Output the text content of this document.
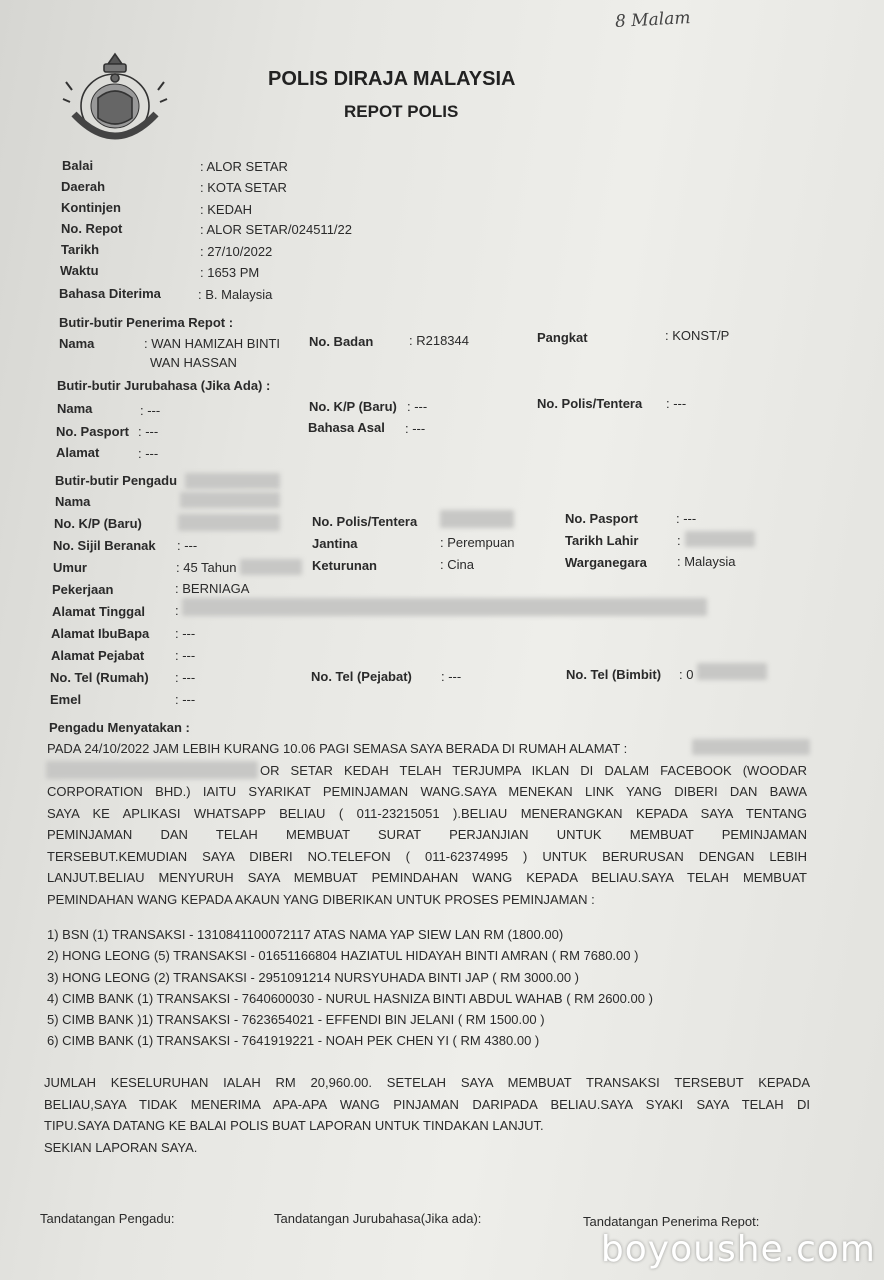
8 Malam
POLIS DIRAJA MALAYSIA
REPOT POLIS
Balai	: ALOR SETAR
Daerah	: KOTA SETAR
Kontinjen	: KEDAH
No. Repot	: ALOR SETAR/024511/22
Tarikh	: 27/10/2022
Waktu	: 1653 PM
Bahasa Diterima	: B. Malaysia
Butir-butir Penerima Repot :
Nama	: WAN HAMIZAH BINTI
WAN HASSAN
No. Badan	: R218344	Pangkat	: KONST/P
Butir-butir Jurubahasa (Jika Ada) :
Nama	: ---	No. K/P (Baru) : ---	No. Polis/Tentera : ---
No. Pasport : ---	Bahasa Asal : ---
Alamat	: ---
Butir-butir Pengadu
Nama
No. K/P (Baru)	No. Polis/Tentera	No. Pasport	: ---
No. Sijil Beranak : ---	Jantina	: Perempuan	Tarikh Lahir	:
Umur	: 45 Tahun	Keturunan	: Cina	Warganegara : Malaysia
Pekerjaan	: BERNIAGA
Alamat Tinggal :
Alamat IbuBapa : ---
Alamat Pejabat : ---
No. Tel (Rumah) : ---	No. Tel (Pejabat) : ---	No. Tel (Bimbit) : 0
Emel	: ---
Pengadu Menyatakan :
PADA 24/10/2022 JAM LEBIH KURANG 10.06 PAGI SEMASA SAYA BERADA DI RUMAH ALAMAT :
OR SETAR KEDAH TELAH TERJUMPA IKLAN DI DALAM FACEBOOK (WOODAR
CORPORATION BHD.) IAITU SYARIKAT PEMINJAMAN WANG.SAYA MENEKAN LINK YANG DIBERI DAN BAWA
SAYA KE APLIKASI WHATSAPP BELIAU ( 011-23215051 ).BELIAU MENERANGKAN KEPADA SAYA TENTANG
PEMINJAMAN DAN TELAH MEMBUAT SURAT PERJANJIAN UNTUK MEMBUAT PEMINJAMAN
TERSEBUT.KEMUDIAN SAYA DIBERI NO.TELEFON ( 011-62374995 ) UNTUK BERURUSAN DENGAN LEBIH
LANJUT.BELIAU MENYURUH SAYA MEMBUAT PEMINDAHAN WANG KEPADA BELIAU.SAYA TELAH MEMBUAT
PEMINDAHAN WANG KEPADA AKAUN YANG DIBERIKAN UNTUK PROSES PEMINJAMAN :
1) BSN (1) TRANSAKSI - 1310841100072117 ATAS NAMA YAP SIEW LAN RM (1800.00)
2) HONG LEONG (5) TRANSAKSI - 01651166804 HAZIATUL HIDAYAH BINTI AMRAN ( RM 7680.00 )
3) HONG LEONG (2) TRANSAKSI - 2951091214 NURSYUHADA BINTI JAP ( RM 3000.00 )
4) CIMB BANK (1) TRANSAKSI - 7640600030 - NURUL HASNIZA BINTI ABDUL WAHAB ( RM 2600.00 )
5) CIMB BANK )1) TRANSAKSI - 7623654021 - EFFENDI BIN JELANI ( RM 1500.00 )
6) CIMB BANK (1) TRANSAKSI - 7641919221 - NOAH PEK CHEN YI ( RM 4380.00 )
JUMLAH KESELURUHAN IALAH RM 20,960.00. SETELAH SAYA MEMBUAT TRANSAKSI TERSEBUT KEPADA
BELIAU,SAYA TIDAK MENERIMA APA-APA WANG PINJAMAN DARIPADA BELIAU.SAYA SYAKI SAYA TELAH DI
TIPU.SAYA DATANG KE BALAI POLIS BUAT LAPORAN UNTUK TINDAKAN LANJUT.
SEKIAN LAPORAN SAYA.
Tandatangan Pengadu:	Tandatangan Jurubahasa(Jika ada):	Tandatangan Penerima Repot:
boyoushe.com
